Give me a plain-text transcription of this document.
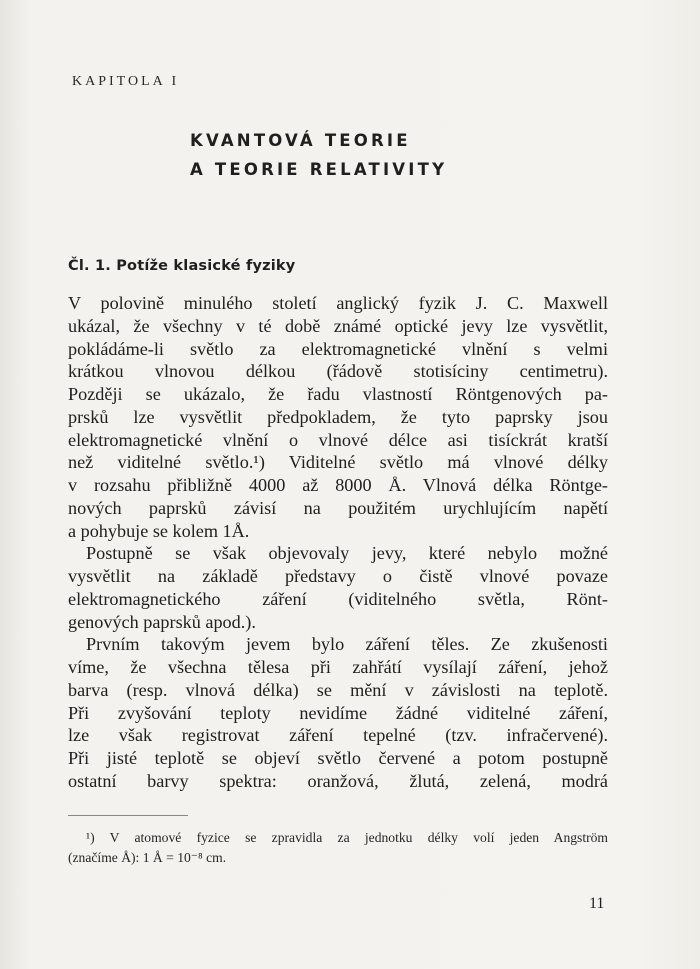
KAPITOLA I
KVANTOVÁ TEORIE
A TEORIE RELATIVITY
Čl. 1. Potíže klasické fyziky
V polovině minulého století anglický fyzik J. C. Maxwell
ukázal, že všechny v té době známé optické jevy lze vysvětlit,
pokládáme-li světlo za elektromagnetické vlnění s velmi
krátkou vlnovou délkou (řádově stotisíciny centimetru).
Později se ukázalo, že řadu vlastností Röntgenových pa-
prsků lze vysvětlit předpokladem, že tyto paprsky jsou
elektromagnetické vlnění o vlnové délce asi tisíckrát kratší
než viditelné světlo.¹) Viditelné světlo má vlnové délky
v rozsahu přibližně 4000 až 8000 Å. Vlnová délka Röntge-
nových paprsků závisí na použitém urychlujícím napětí
a pohybuje se kolem 1Å.
Postupně se však objevovaly jevy, které nebylo možné
vysvětlit na základě představy o čistě vlnové povaze
elektromagnetického záření (viditelného světla, Rönt-
genových paprsků apod.).
Prvním takovým jevem bylo záření těles. Ze zkušenosti
víme, že všechna tělesa při zahřátí vysílají záření, jehož
barva (resp. vlnová délka) se mění v závislosti na teplotě.
Při zvyšování teploty nevidíme žádné viditelné záření,
lze však registrovat záření tepelné (tzv. infračervené).
Při jisté teplotě se objeví světlo červené a potom postupně
ostatní barvy spektra: oranžová, žlutá, zelená, modrá
¹) V atomové fyzice se zpravidla za jednotku délky volí jeden Angström
(značíme Å): 1 Å = 10⁻⁸ cm.
11
